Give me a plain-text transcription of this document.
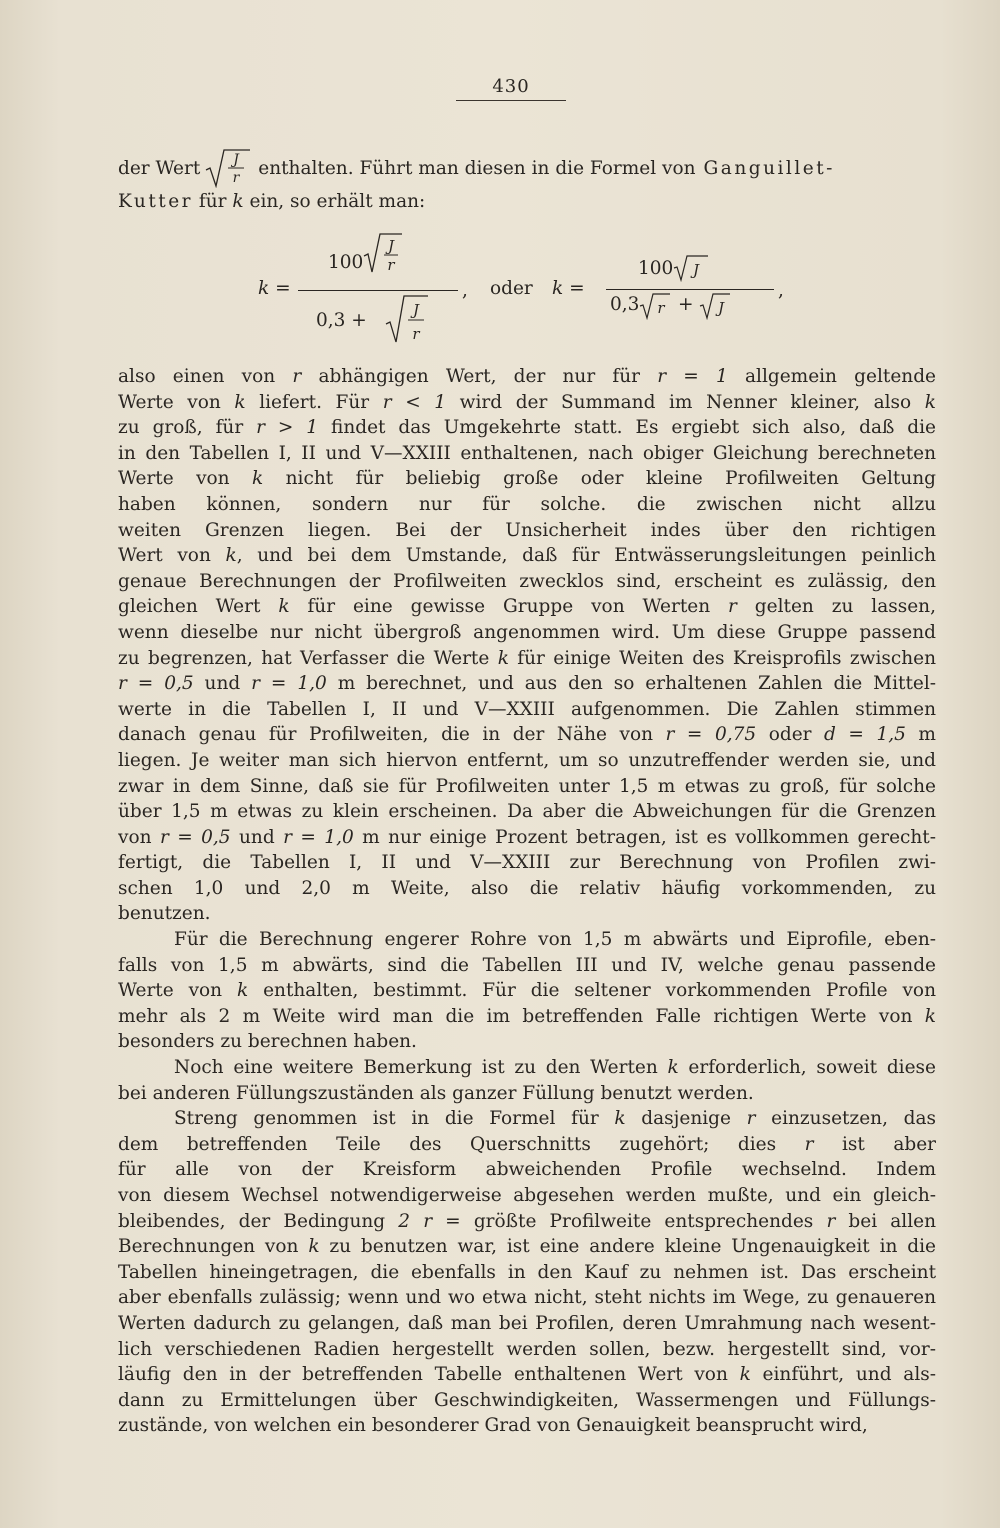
430
der Wert J
r enthalten. Führt man diesen in die Formel von Ganguillet-
Kutter für k ein, so erhält man:
k =
100
J
r
0,3 +	J
r
, oder k =
100 J
0,3 r + J
,
also einen von r abhängigen Wert, der nur für r = 1 allgemein geltende
Werte von k liefert. Für r < 1 wird der Summand im Nenner kleiner, also k
zu groß, für r > 1 findet das Umgekehrte statt. Es ergiebt sich also, daß die
in den Tabellen I, II und V—XXIII enthaltenen, nach obiger Gleichung berechneten
Werte von k nicht für beliebig große oder kleine Profilweiten Geltung
haben können, sondern nur für solche. die zwischen nicht allzu
weiten Grenzen liegen. Bei der Unsicherheit indes über den richtigen
Wert von k, und bei dem Umstande, daß für Entwässerungsleitungen peinlich
genaue Berechnungen der Profilweiten zwecklos sind, erscheint es zulässig, den
gleichen Wert k für eine gewisse Gruppe von Werten r gelten zu lassen,
wenn dieselbe nur nicht übergroß angenommen wird. Um diese Gruppe passend
zu begrenzen, hat Verfasser die Werte k für einige Weiten des Kreisprofils zwischen
r = 0,5 und r = 1,0 m berechnet, und aus den so erhaltenen Zahlen die Mittel-
werte in die Tabellen I, II und V—XXIII aufgenommen. Die Zahlen stimmen
danach genau für Profilweiten, die in der Nähe von r = 0,75 oder d = 1,5 m
liegen. Je weiter man sich hiervon entfernt, um so unzutreffender werden sie, und
zwar in dem Sinne, daß sie für Profilweiten unter 1,5 m etwas zu groß, für solche
über 1,5 m etwas zu klein erscheinen. Da aber die Abweichungen für die Grenzen
von r = 0,5 und r = 1,0 m nur einige Prozent betragen, ist es vollkommen gerecht-
fertigt, die Tabellen I, II und V—XXIII zur Berechnung von Profilen zwi-
schen 1,0 und 2,0 m Weite, also die relativ häufig vorkommenden, zu
benutzen.
Für die Berechnung engerer Rohre von 1,5 m abwärts und Eiprofile, eben-
falls von 1,5 m abwärts, sind die Tabellen III und IV, welche genau passende
Werte von k enthalten, bestimmt. Für die seltener vorkommenden Profile von
mehr als 2 m Weite wird man die im betreffenden Falle richtigen Werte von k
besonders zu berechnen haben.
Noch eine weitere Bemerkung ist zu den Werten k erforderlich, soweit diese
bei anderen Füllungszuständen als ganzer Füllung benutzt werden.
Streng genommen ist in die Formel für k dasjenige r einzusetzen, das
dem betreffenden Teile des Querschnitts zugehört; dies r ist aber
für alle von der Kreisform abweichenden Profile wechselnd. Indem
von diesem Wechsel notwendigerweise abgesehen werden mußte, und ein gleich-
bleibendes, der Bedingung 2 r = größte Profilweite entsprechendes r bei allen
Berechnungen von k zu benutzen war, ist eine andere kleine Ungenauigkeit in die
Tabellen hineingetragen, die ebenfalls in den Kauf zu nehmen ist. Das erscheint
aber ebenfalls zulässig; wenn und wo etwa nicht, steht nichts im Wege, zu genaueren
Werten dadurch zu gelangen, daß man bei Profilen, deren Umrahmung nach wesent-
lich verschiedenen Radien hergestellt werden sollen, bezw. hergestellt sind, vor-
läufig den in der betreffenden Tabelle enthaltenen Wert von k einführt, und als-
dann zu Ermittelungen über Geschwindigkeiten, Wassermengen und Füllungs-
zustände, von welchen ein besonderer Grad von Genauigkeit beansprucht wird,
